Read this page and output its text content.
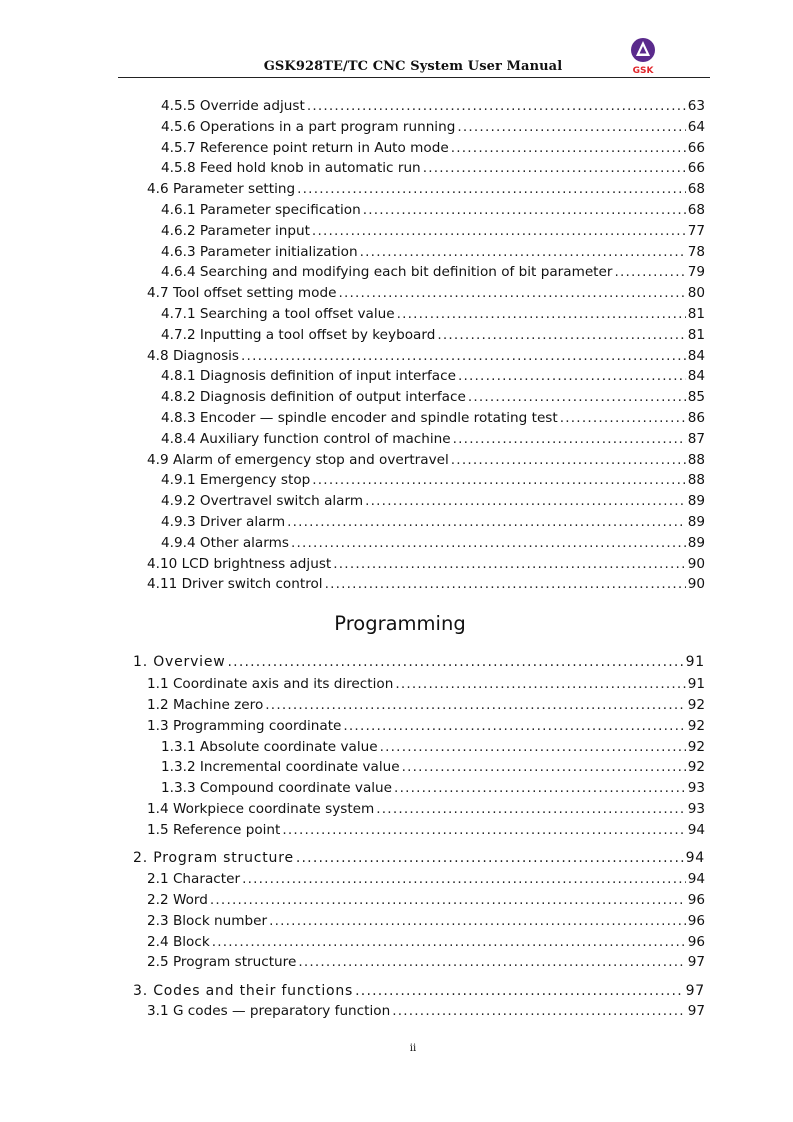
GSK928TE/TC CNC System User Manual	GSK
4.5.5 Override adjust .....	63
4.5.6 Operations in a part program running .....	64
4.5.7 Reference point return in Auto mode .....	66
4.5.8 Feed hold knob in automatic run .....	66
4.6 Parameter setting .....	68
4.6.1 Parameter specification .....	68
4.6.2 Parameter input .....	77
4.6.3 Parameter initialization .....	78
4.6.4 Searching and modifying each bit definition of bit parameter .....	79
4.7 Tool offset setting mode .....	80
4.7.1 Searching a tool offset value .....	81
4.7.2 Inputting a tool offset by keyboard .....	81
4.8 Diagnosis .....	84
4.8.1 Diagnosis definition of input interface .....	84
4.8.2 Diagnosis definition of output interface .....	85
4.8.3 Encoder — spindle encoder and spindle rotating test .....	86
4.8.4 Auxiliary function control of machine .....	87
4.9 Alarm of emergency stop and overtravel .....	88
4.9.1 Emergency stop .....	88
4.9.2 Overtravel switch alarm .....	89
4.9.3 Driver alarm .....	89
4.9.4 Other alarms .....	89
4.10 LCD brightness adjust .....	90
4.11 Driver switch control .....	90
Programming
1. Overview .....	91
1.1 Coordinate axis and its direction .....	91
1.2 Machine zero .....	92
1.3 Programming coordinate .....	92
1.3.1 Absolute coordinate value .....	92
1.3.2 Incremental coordinate value .....	92
1.3.3 Compound coordinate value .....	93
1.4 Workpiece coordinate system .....	93
1.5 Reference point .....	94
2. Program structure .....	94
2.1 Character .....	94
2.2 Word .....	96
2.3 Block number .....	96
2.4 Block .....	96
2.5 Program structure .....	97
3. Codes and their functions .....	97
3.1 G codes — preparatory function .....	97
ii
